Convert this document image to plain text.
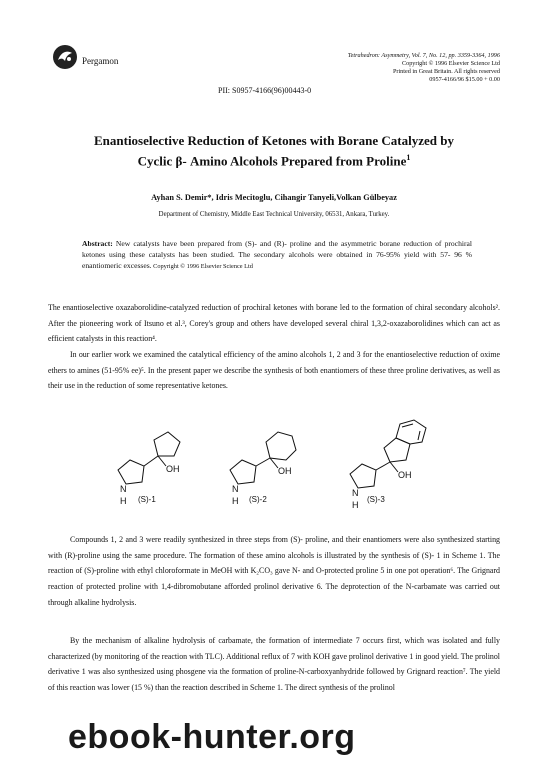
Pergamon
Tetrahedron: Asymmetry, Vol. 7, No. 12, pp. 3359-3364, 1996
Copyright © 1996 Elsevier Science Ltd
Printed in Great Britain. All rights reserved
0957-4166/96 $15.00 + 0.00
PII: S0957-4166(96)00443-0
Enantioselective Reduction of Ketones with Borane Catalyzed by
Cyclic β- Amino Alcohols Prepared from Proline$^1$
Ayhan S. Demir*, Idris Mecitoglu, Cihangir Tanyeli,Volkan Gülbeyaz
Department of Chemistry, Middle East Technical University, 06531, Ankara, Turkey.
Abstract: New catalysts have been prepared from (S)- and (R)- proline and the asymmetric borane reduction of prochiral ketones using these catalysts has been studied. The secondary alcohols were obtained in 76-95% yield with 57- 96 % enantiomeric excesses. Copyright © 1996 Elsevier Science Ltd
The enantioselective oxazaborolidine-catalyzed reduction of prochiral ketones with borane led to the formation of chiral secondary alcohols². After the pioneering work of Itsuno et al.³, Corey's group and others have developed several chiral 1,3,2-oxazaborolidines which can act as efficient catalysts in this reaction⁴.
In our earlier work we examined the catalytical efficiency of the amino alcohols 1, 2 and 3 for the enantioselective reduction of oxime ethers to amines (51-95% ee)⁵. In the present paper we describe the synthesis of both enantiomers of these three proline derivatives, as well as their use in the reduction of some representative ketones.
N
H
OH
N
H
OH
N
H
OH
(S)-1	(S)-2	(S)-3
Compounds 1, 2 and 3 were readily synthesized in three steps from (S)- proline, and their enantiomers were also synthesized starting with (R)-proline using the same procedure. The formation of these amino alcohols is illustrated by the synthesis of (S)- 1 in Scheme 1. The reaction of (S)-proline with ethyl chloroformate in MeOH with K₂CO₃ gave N- and O-protected proline 5 in one pot operation⁶. The Grignard reaction of protected proline with 1,4-dibromobutane afforded prolinol derivative 6. The deprotection of the N-carbamate was carried out through alkaline hydrolysis.
By the mechanism of alkaline hydrolysis of carbamate, the formation of intermediate 7 occurs first, which was isolated and fully characterized (by monitoring of the reaction with TLC). Additional reflux of 7 with KOH gave prolinol derivative 1 in good yield. The prolinol derivative 1 was also synthesized using phosgene via the formation of proline-N-carboxyanhydride followed by Grignard reaction⁷. The yield of this reaction was lower (15 %) than the reaction described in Scheme 1. The direct synthesis of the prolinol
ebook-hunter.org
